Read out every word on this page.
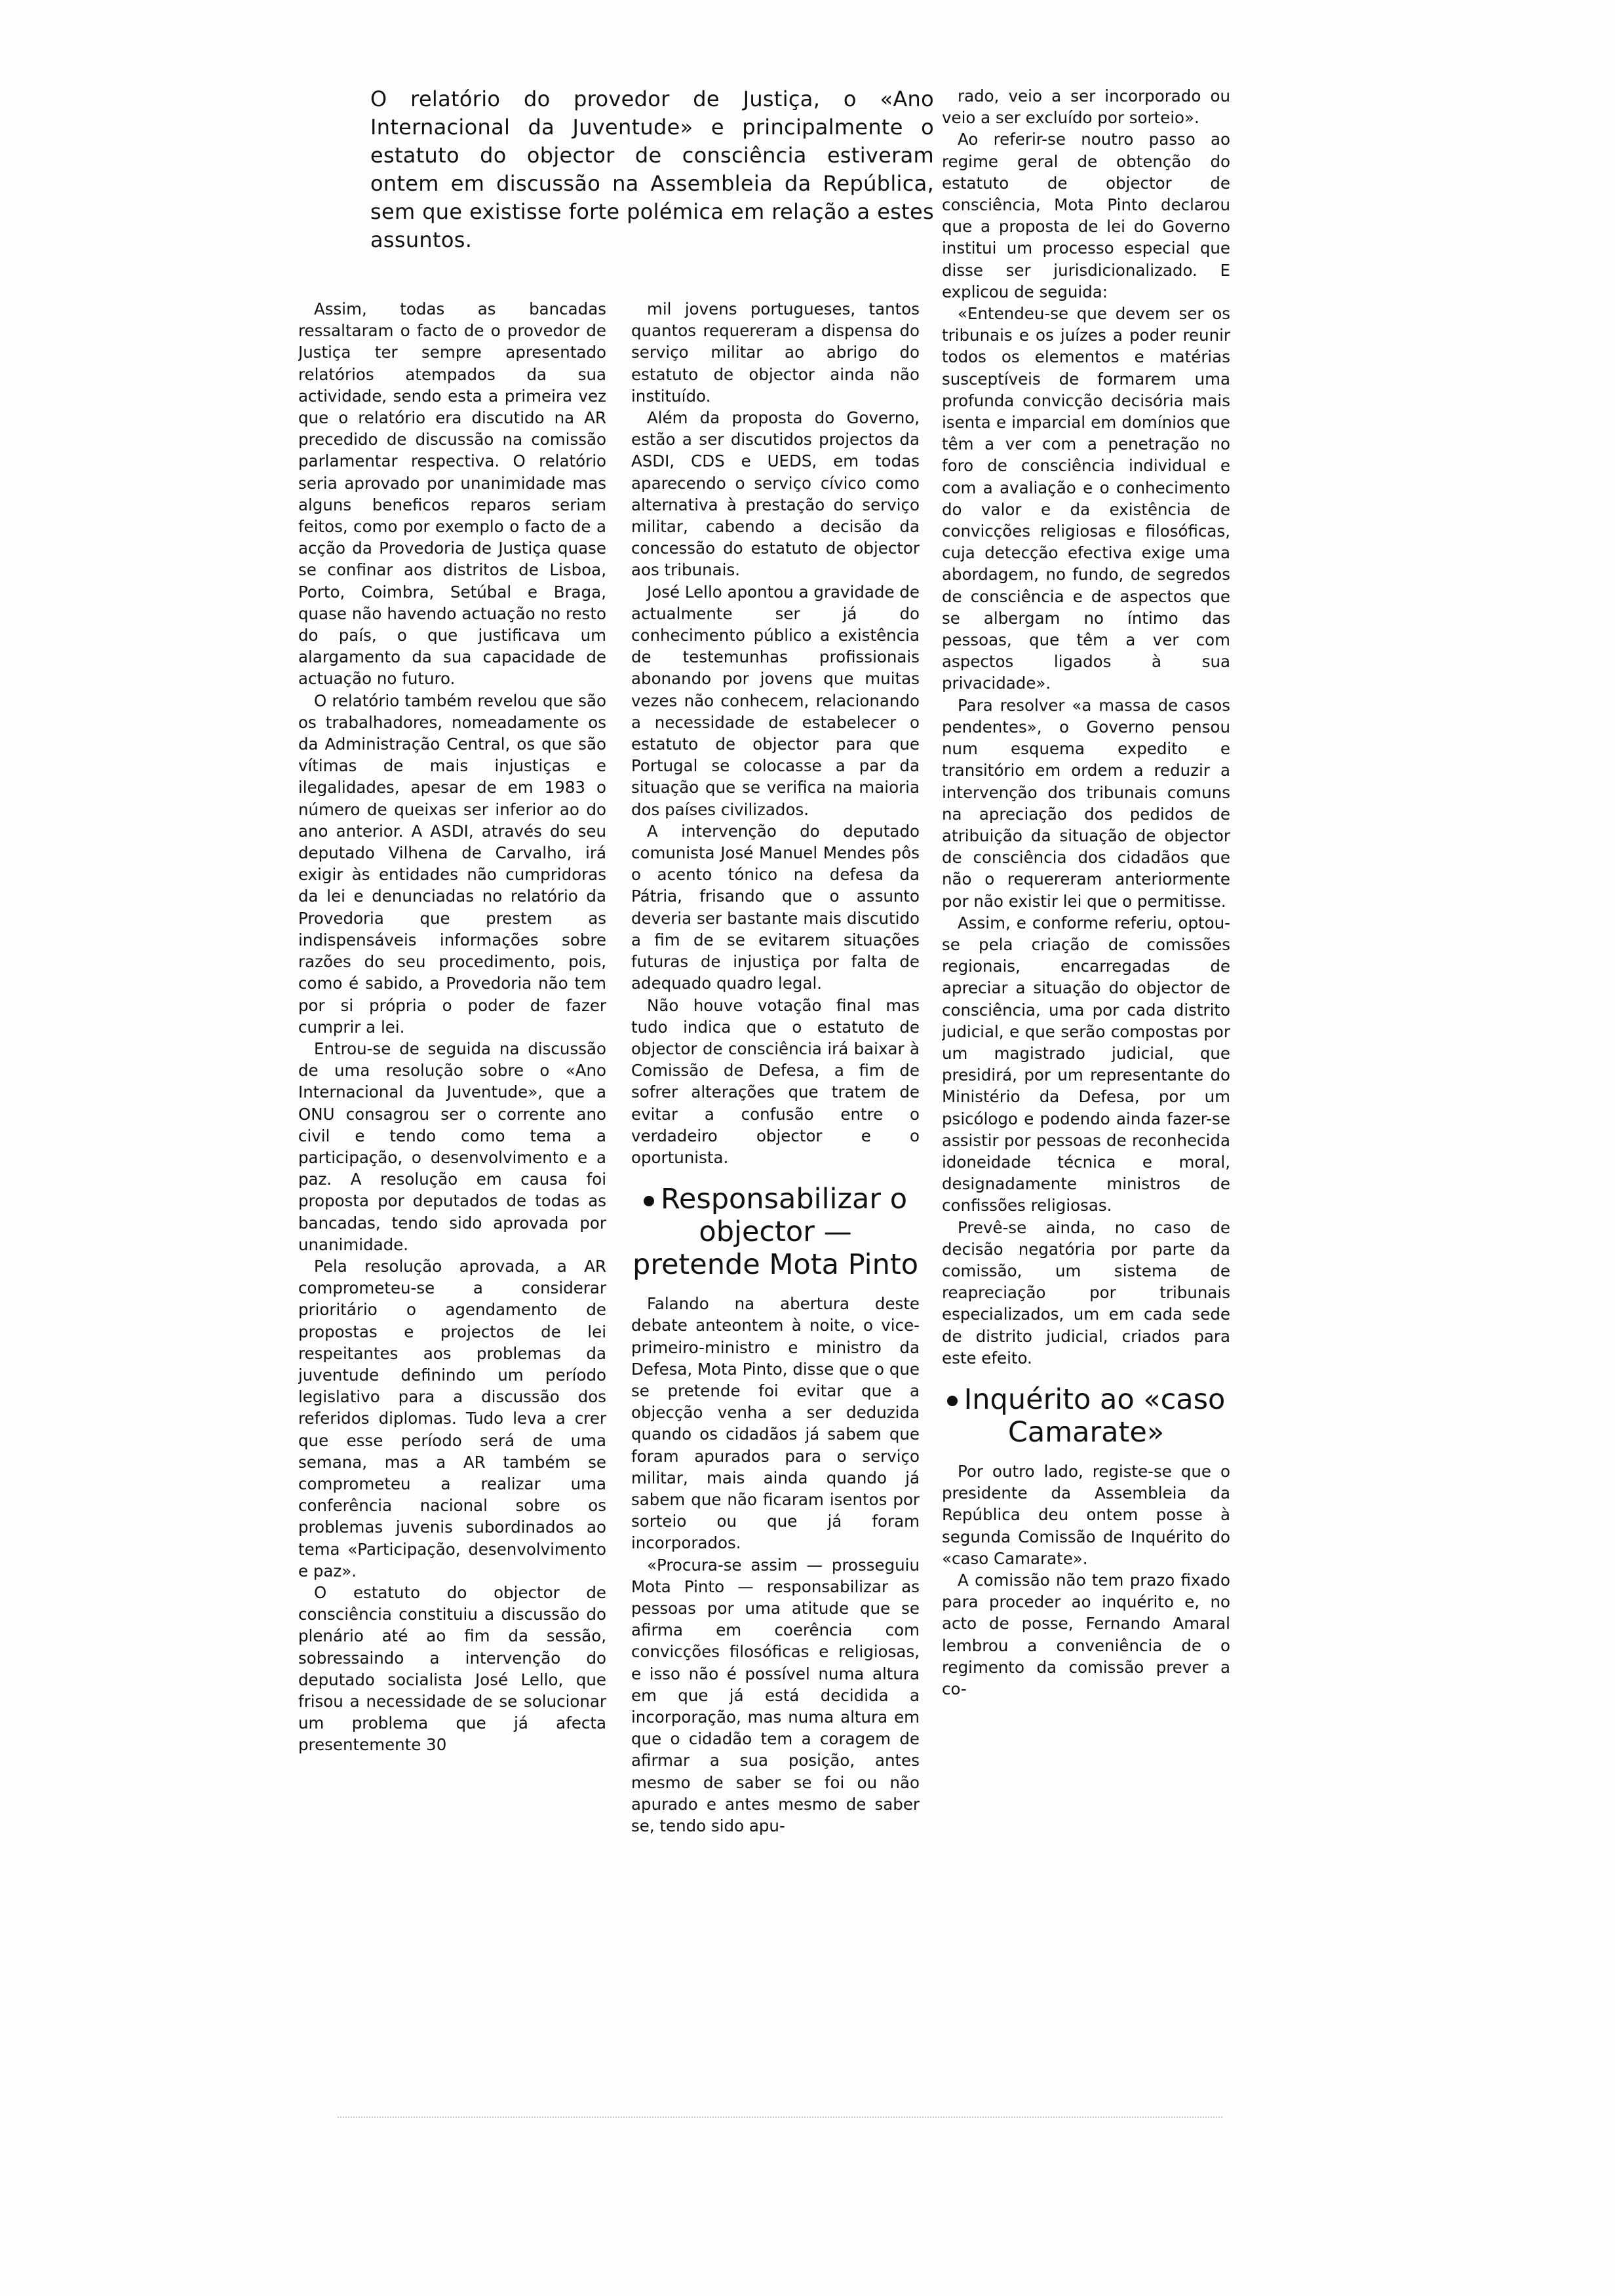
O relatório do provedor de Justiça, o «Ano Internacional da Juventude» e principalmente o estatuto do objector de consciência estiveram ontem em discussão na Assembleia da República, sem que existisse forte polémica em relação a estes assuntos.

Assim, todas as bancadas ressaltaram o facto de o provedor de Justiça ter sempre apresentado relatórios atempados da sua actividade, sendo esta a primeira vez que o relatório era discutido na AR precedido de discussão na comissão parlamentar respectiva. O relatório seria aprovado por unanimidade mas alguns beneficos reparos seriam feitos, como por exemplo o facto de a acção da Provedoria de Justiça quase se confinar aos distritos de Lisboa, Porto, Coimbra, Setúbal e Braga, quase não havendo actuação no resto do país, o que justificava um alargamento da sua capacidade de actuação no futuro.

O relatório também revelou que são os trabalhadores, nomeadamente os da Administração Central, os que são vítimas de mais injustiças e ilegalidades, apesar de em 1983 o número de queixas ser inferior ao do ano anterior. A ASDI, através do seu deputado Vilhena de Carvalho, irá exigir às entidades não cumpridoras da lei e denunciadas no relatório da Provedoria que prestem as indispensáveis informações sobre razões do seu procedimento, pois, como é sabido, a Provedoria não tem por si própria o poder de fazer cumprir a lei.

Entrou-se de seguida na discussão de uma resolução sobre o «Ano Internacional da Juventude», que a ONU consagrou ser o corrente ano civil e tendo como tema a participação, o desenvolvimento e a paz. A resolução em causa foi proposta por deputados de todas as bancadas, tendo sido aprovada por unanimidade.

Pela resolução aprovada, a AR comprometeu-se a considerar prioritário o agendamento de propostas e projectos de lei respeitantes aos problemas da juventude definindo um período legislativo para a discussão dos referidos diplomas. Tudo leva a crer que esse período será de uma semana, mas a AR também se comprometeu a realizar uma conferência nacional sobre os problemas juvenis subordinados ao tema «Participação, desenvolvimento e paz».

O estatuto do objector de consciência constituiu a discussão do plenário até ao fim da sessão, sobressaindo a intervenção do deputado socialista José Lello, que frisou a necessidade de se solucionar um problema que já afecta presentemente 30

mil jovens portugueses, tantos quantos requereram a dispensa do serviço militar ao abrigo do estatuto de objector ainda não instituído.

Além da proposta do Governo, estão a ser discutidos projectos da ASDI, CDS e UEDS, em todas aparecendo o serviço cívico como alternativa à prestação do serviço militar, cabendo a decisão da concessão do estatuto de objector aos tribunais.

José Lello apontou a gravidade de actualmente ser já do conhecimento público a existência de testemunhas profissionais abonando por jovens que muitas vezes não conhecem, relacionando a necessidade de estabelecer o estatuto de objector para que Portugal se colocasse a par da situação que se verifica na maioria dos países civilizados.

A intervenção do deputado comunista José Manuel Mendes pôs o acento tónico na defesa da Pátria, frisando que o assunto deveria ser bastante mais discutido a fim de se evitarem situações futuras de injustiça por falta de adequado quadro legal.

Não houve votação final mas tudo indica que o estatuto de objector de consciência irá baixar à Comissão de Defesa, a fim de sofrer alterações que tratem de evitar a confusão entre o verdadeiro objector e o oportunista.

Responsabilizar o objector — pretende Mota Pinto

Falando na abertura deste debate anteontem à noite, o vice-primeiro-ministro e ministro da Defesa, Mota Pinto, disse que o que se pretende foi evitar que a objecção venha a ser deduzida quando os cidadãos já sabem que foram apurados para o serviço militar, mais ainda quando já sabem que não ficaram isentos por sorteio ou que já foram incorporados.

«Procura-se assim — prosseguiu Mota Pinto — responsabilizar as pessoas por uma atitude que se afirma em coerência com convicções filosóficas e religiosas, e isso não é possível numa altura em que já está decidida a incorporação, mas numa altura em que o cidadão tem a coragem de afirmar a sua posição, antes mesmo de saber se foi ou não apurado e antes mesmo de saber se, tendo sido apu-

rado, veio a ser incorporado ou veio a ser excluído por sorteio».

Ao referir-se noutro passo ao regime geral de obtenção do estatuto de objector de consciência, Mota Pinto declarou que a proposta de lei do Governo institui um processo especial que disse ser jurisdicionalizado. E explicou de seguida:

«Entendeu-se que devem ser os tribunais e os juízes a poder reunir todos os elementos e matérias susceptíveis de formarem uma profunda convicção decisória mais isenta e imparcial em domínios que têm a ver com a penetração no foro de consciência individual e com a avaliação e o conhecimento do valor e da existência de convicções religiosas e filosóficas, cuja detecção efectiva exige uma abordagem, no fundo, de segredos de consciência e de aspectos que se albergam no íntimo das pessoas, que têm a ver com aspectos ligados à sua privacidade».

Para resolver «a massa de casos pendentes», o Governo pensou num esquema expedito e transitório em ordem a reduzir a intervenção dos tribunais comuns na apreciação dos pedidos de atribuição da situação de objector de consciência dos cidadãos que não o requereram anteriormente por não existir lei que o permitisse.

Assim, e conforme referiu, optou-se pela criação de comissões regionais, encarregadas de apreciar a situação do objector de consciência, uma por cada distrito judicial, e que serão compostas por um magistrado judicial, que presidirá, por um representante do Ministério da Defesa, por um psicólogo e podendo ainda fazer-se assistir por pessoas de reconhecida idoneidade técnica e moral, designadamente ministros de confissões religiosas.

Prevê-se ainda, no caso de decisão negatória por parte da comissão, um sistema de reapreciação por tribunais especializados, um em cada sede de distrito judicial, criados para este efeito.

Inquérito ao «caso Camarate»

Por outro lado, registe-se que o presidente da Assembleia da República deu ontem posse à segunda Comissão de Inquérito do «caso Camarate».

A comissão não tem prazo fixado para proceder ao inquérito e, no acto de posse, Fernando Amaral lembrou a conveniência de o regimento da comissão prever a co-
